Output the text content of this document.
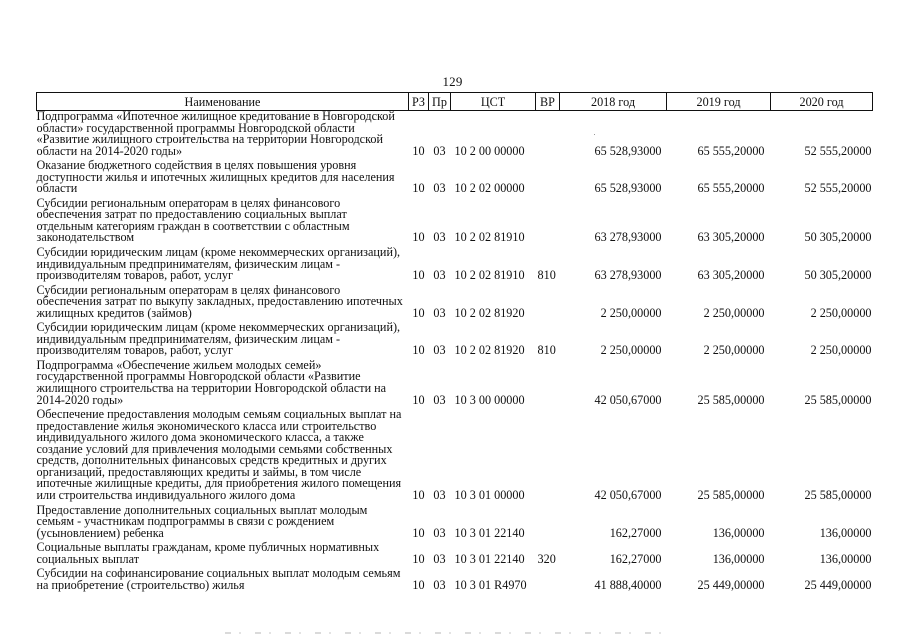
129
Наименование	РЗ	Пр	ЦСТ	ВР	2018 год	2019 год	2020 год
Подпрограмма «Ипотечное жилищное кредитование в Новгородской области» государственной программы Новгородской области «Развитие жилищного строительства на территории Новгородской области на 2014-2020 годы»	10	03	10 2 00 00000		65 528,93000	65 555,20000	52 555,20000
Оказание бюджетного содействия в целях повышения уровня доступности жилья и ипотечных жилищных кредитов для населения области	10	03	10 2 02 00000		65 528,93000	65 555,20000	52 555,20000
Субсидии региональным операторам в целях финансового обеспечения затрат по предоставлению социальных выплат отдельным категориям граждан в соответствии с областным законодательством	10	03	10 2 02 81910		63 278,93000	63 305,20000	50 305,20000
Субсидии юридическим лицам (кроме некоммерческих организаций), индивидуальным предпринимателям, физическим лицам - производителям товаров, работ, услуг	10	03	10 2 02 81910	810	63 278,93000	63 305,20000	50 305,20000
Субсидии региональным операторам в целях финансового обеспечения затрат по выкупу закладных, предоставлению ипотечных жилищных кредитов (займов)	10	03	10 2 02 81920		2 250,00000	2 250,00000	2 250,00000
Субсидии юридическим лицам (кроме некоммерческих организаций), индивидуальным предпринимателям, физическим лицам - производителям товаров, работ, услуг	10	03	10 2 02 81920	810	2 250,00000	2 250,00000	2 250,00000
Подпрограмма «Обеспечение жильем молодых семей» государственной программы Новгородской области «Развитие жилищного строительства на территории Новгородской области на 2014-2020 годы»	10	03	10 3 00 00000		42 050,67000	25 585,00000	25 585,00000
Обеспечение предоставления молодым семьям социальных выплат на предоставление жилья экономического класса или строительство индивидуального жилого дома экономического класса, а также создание условий для привлечения молодыми семьями собственных средств, дополнительных финансовых средств кредитных и других организаций, предоставляющих кредиты и займы, в том числе ипотечные жилищные кредиты, для приобретения жилого помещения или строительства индивидуального жилого дома	10	03	10 3 01 00000		42 050,67000	25 585,00000	25 585,00000
Предоставление дополнительных социальных выплат молодым семьям - участникам подпрограммы в связи с рождением (усыновлением) ребенка	10	03	10 3 01 22140		162,27000	136,00000	136,00000
Социальные выплаты гражданам, кроме публичных нормативных социальных выплат	10	03	10 3 01 22140	320	162,27000	136,00000	136,00000
Субсидии на софинансирование социальных выплат молодым семьям на приобретение (строительство) жилья	10	03	10 3 01 R4970		41 888,40000	25 449,00000	25 449,00000
